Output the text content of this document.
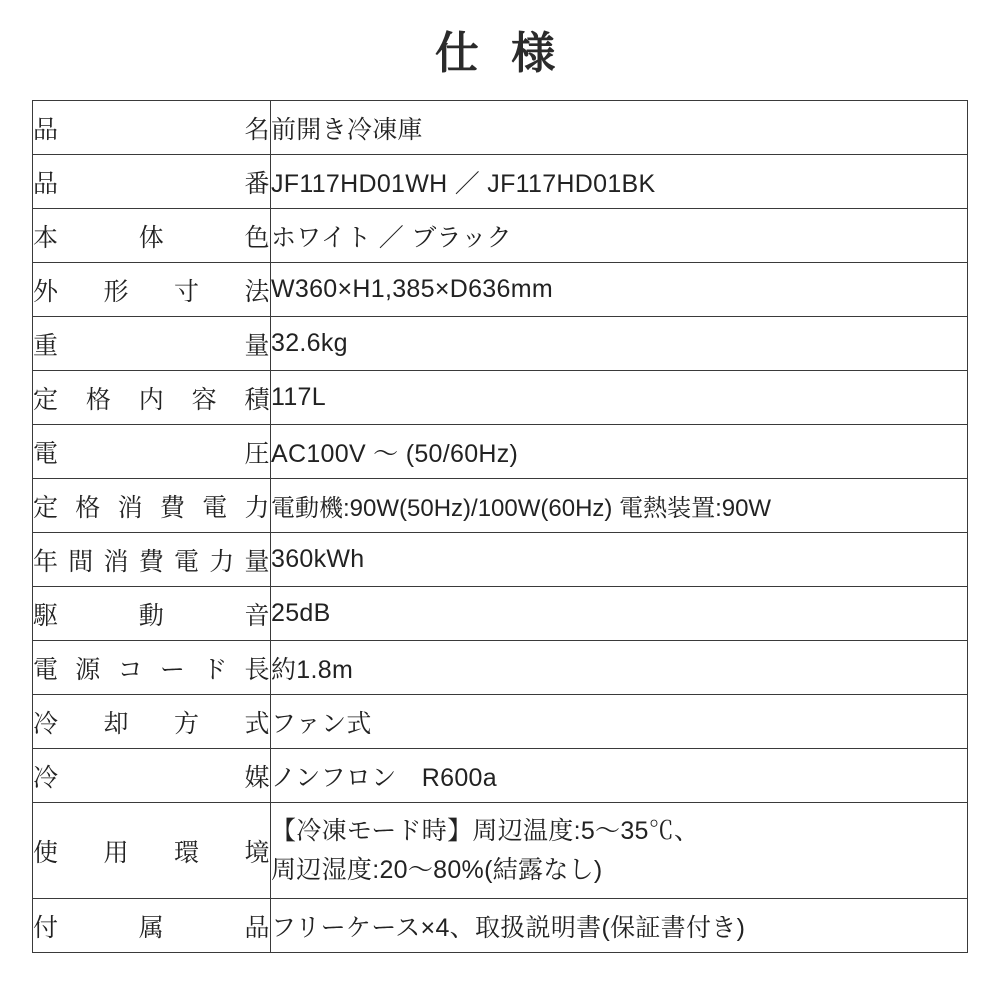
仕 様
品　　　　名	前開き冷凍庫
品　　　　番	JF117HD01WH ／ JF117HD01BK
本　体　色	ホワイト ／ ブラック
外 形 寸 法	W360×H1,385×D636mm
重　　　　量	32.6kg
定 格 内 容 積	117L
電　　　　圧	AC100V ～ (50/60Hz)
定 格 消 費 電 力	電動機:90W(50Hz)/100W(60Hz) 電熱装置:90W
年間消費電力量	360kWh
駆　　動　　音	25dB
電 源 コ ー ド 長	約1.8m
冷　却　方　式	ファン式
冷　　　　媒	ノンフロン　R600a
使　用　環　境	【冷凍モード時】周辺温度:5～35℃、
周辺湿度:20～80%(結露なし)

付　　属　　品	フリーケース×4、取扱説明書(保証書付き)
